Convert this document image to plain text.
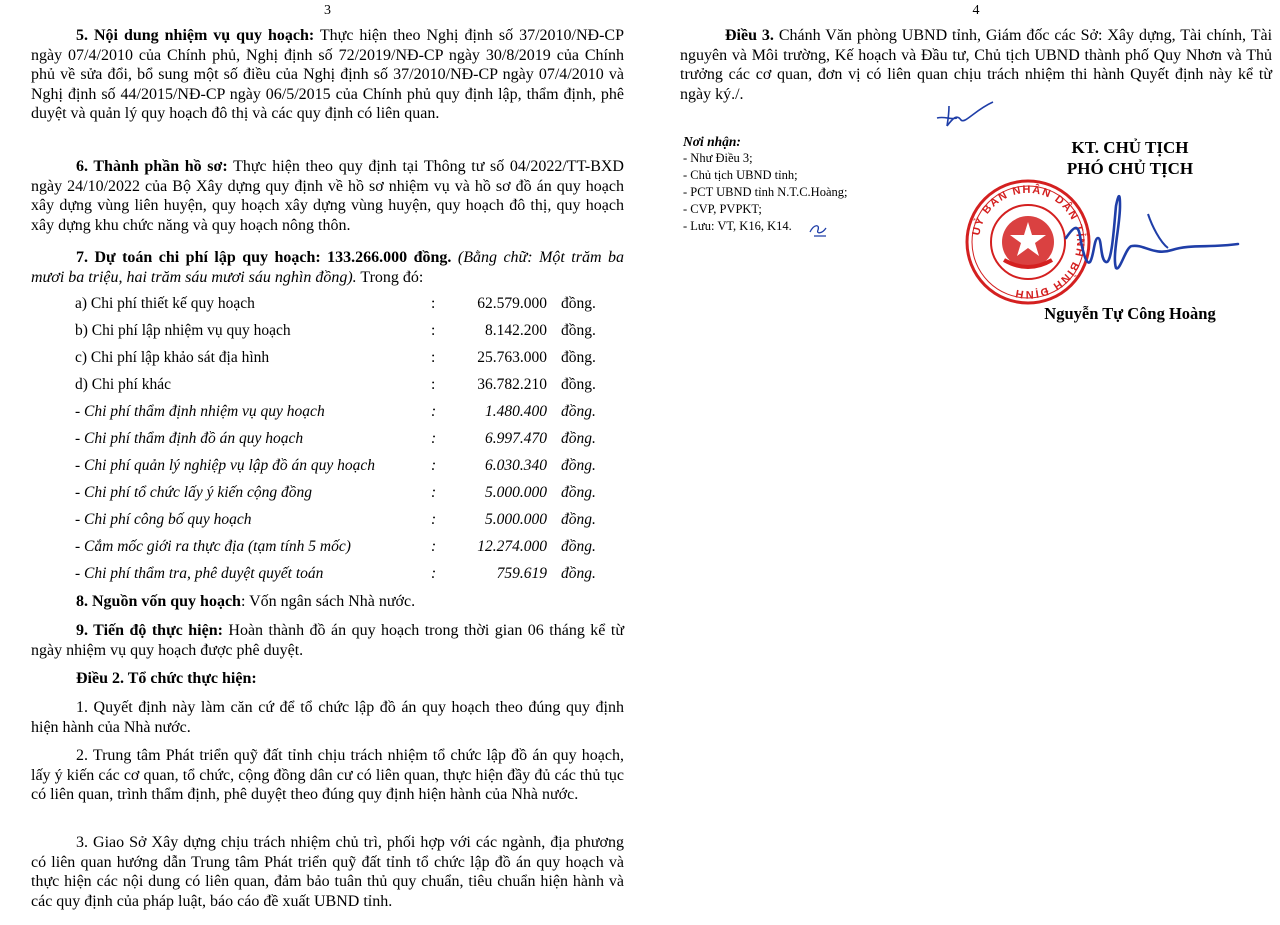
3

5. Nội dung nhiệm vụ quy hoạch: Thực hiện theo Nghị định số 37/2010/NĐ-CP ngày 07/4/2010 của Chính phủ, Nghị định số 72/2019/NĐ-CP ngày 30/8/2019 của Chính phủ về sửa đổi, bổ sung một số điều của Nghị định số 37/2010/NĐ-CP ngày 07/4/2010 và Nghị định số 44/2015/NĐ-CP ngày 06/5/2015 của Chính phủ quy định lập, thẩm định, phê duyệt và quản lý quy hoạch đô thị và các quy định có liên quan.

6. Thành phần hồ sơ: Thực hiện theo quy định tại Thông tư số 04/2022/TT-BXD ngày 24/10/2022 của Bộ Xây dựng quy định về hồ sơ nhiệm vụ và hồ sơ đồ án quy hoạch xây dựng vùng liên huyện, quy hoạch xây dựng vùng huyện, quy hoạch đô thị, quy hoạch xây dựng khu chức năng và quy hoạch nông thôn.

7. Dự toán chi phí lập quy hoạch: 133.266.000 đồng. (Bằng chữ: Một trăm ba mươi ba triệu, hai trăm sáu mươi sáu nghìn đồng). Trong đó:

a) Chi phí thiết kế quy hoạch	:	62.579.000 đồng.
b) Chi phí lập nhiệm vụ quy hoạch	:	8.142.200 đồng.
c) Chi phí lập khảo sát địa hình	:	25.763.000 đồng.
d) Chi phí khác	:	36.782.210 đồng.
- Chi phí thẩm định nhiệm vụ quy hoạch	:	1.480.400 đồng.
- Chi phí thẩm định đồ án quy hoạch	:	6.997.470 đồng.
- Chi phí quản lý nghiệp vụ lập đồ án quy hoạch	:	6.030.340 đồng.
- Chi phí tổ chức lấy ý kiến cộng đồng	:	5.000.000 đồng.
- Chi phí công bố quy hoạch	:	5.000.000 đồng.
- Cắm mốc giới ra thực địa (tạm tính 5 mốc)	:	12.274.000 đồng.
- Chi phí thẩm tra, phê duyệt quyết toán	:	759.619 đồng.

8. Nguồn vốn quy hoạch: Vốn ngân sách Nhà nước.

9. Tiến độ thực hiện: Hoàn thành đồ án quy hoạch trong thời gian 06 tháng kể từ ngày nhiệm vụ quy hoạch được phê duyệt.

Điều 2. Tổ chức thực hiện:

1. Quyết định này làm căn cứ để tổ chức lập đồ án quy hoạch theo đúng quy định hiện hành của Nhà nước.

2. Trung tâm Phát triển quỹ đất tỉnh chịu trách nhiệm tổ chức lập đồ án quy hoạch, lấy ý kiến các cơ quan, tổ chức, cộng đồng dân cư có liên quan, thực hiện đầy đủ các thủ tục có liên quan, trình thẩm định, phê duyệt theo đúng quy định hiện hành của Nhà nước.

3. Giao Sở Xây dựng chịu trách nhiệm chủ trì, phối hợp với các ngành, địa phương có liên quan hướng dẫn Trung tâm Phát triển quỹ đất tỉnh tổ chức lập đồ án quy hoạch và thực hiện các nội dung có liên quan, đảm bảo tuân thủ quy chuẩn, tiêu chuẩn hiện hành và các quy định của pháp luật, báo cáo đề xuất UBND tỉnh.

4

Điều 3. Chánh Văn phòng UBND tỉnh, Giám đốc các Sở: Xây dựng, Tài chính, Tài nguyên và Môi trường, Kế hoạch và Đầu tư, Chủ tịch UBND thành phố Quy Nhơn và Thủ trưởng các cơ quan, đơn vị có liên quan chịu trách nhiệm thi hành Quyết định này kể từ ngày ký./.

Nơi nhận:
- Như Điều 3;
- Chủ tịch UBND tỉnh;
- PCT UBND tỉnh N.T.C.Hoàng;
- CVP, PVPKT;
- Lưu: VT, K16, K14.
KT. CHỦ TỊCH
PHÓ CHỦ TỊCH
UỶ BAN NHÂN DÂN TỈNH BÌNH ĐỊNH
Nguyễn Tự Công Hoàng
